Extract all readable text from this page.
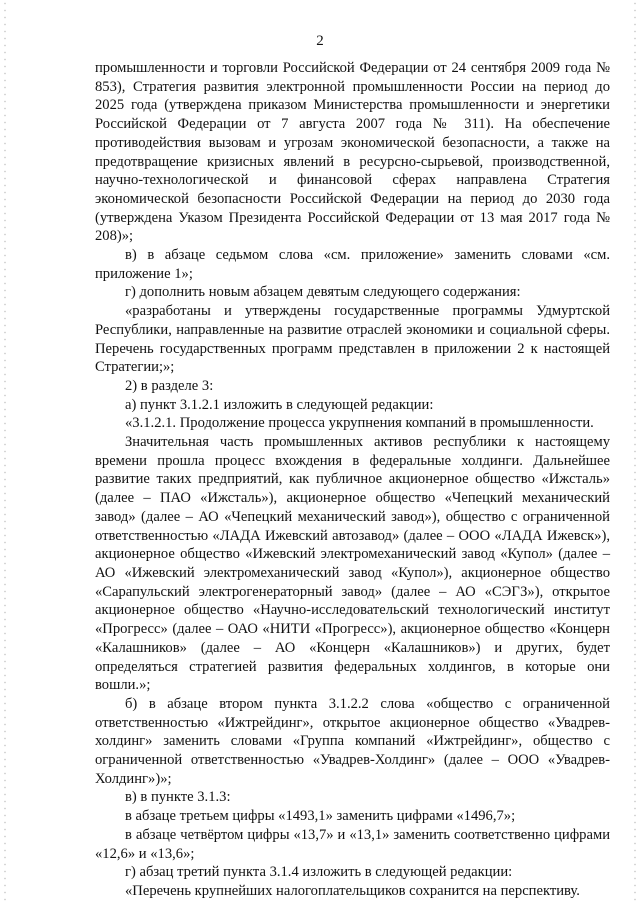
2

промышленности и торговли Российской Федерации от 24 сентября 2009 года № 853), Стратегия развития электронной промышленности России на период до 2025 года (утверждена приказом Министерства промышленности и энергетики Российской Федерации от 7 августа 2007 года № 311). На обеспечение противодействия вызовам и угрозам экономической безопасности, а также на предотвращение кризисных явлений в ресурсно-сырьевой, производственной, научно-технологической и финансовой сферах направлена Стратегия экономической безопасности Российской Федерации на период до 2030 года (утверждена Указом Президента Российской Федерации от 13 мая 2017 года № 208)»;

в) в абзаце седьмом слова «см. приложение» заменить словами «см. приложение 1»;

г) дополнить новым абзацем девятым следующего содержания:

«разработаны и утверждены государственные программы Удмуртской Республики, направленные на развитие отраслей экономики и социальной сферы. Перечень государственных программ представлен в приложении 2 к настоящей Стратегии;»;

2) в разделе 3:

а) пункт 3.1.2.1 изложить в следующей редакции:

«3.1.2.1. Продолжение процесса укрупнения компаний в промышленности.

Значительная часть промышленных активов республики к настоящему времени прошла процесс вхождения в федеральные холдинги. Дальнейшее развитие таких предприятий, как публичное акционерное общество «Ижсталь» (далее – ПАО «Ижсталь»), акционерное общество «Чепецкий механический завод» (далее – АО «Чепецкий механический завод»), общество с ограниченной ответственностью «ЛАДА Ижевский автозавод» (далее – ООО «ЛАДА Ижевск»), акционерное общество «Ижевский электромеханический завод «Купол» (далее – АО «Ижевский электромеханический завод «Купол»), акционерное общество «Сарапульский электрогенераторный завод» (далее – АО «СЭГЗ»), открытое акционерное общество «Научно-исследовательский технологический институт «Прогресс» (далее – ОАО «НИТИ «Прогресс»), акционерное общество «Концерн «Калашников» (далее – АО «Концерн «Калашников») и других, будет определяться стратегией развития федеральных холдингов, в которые они вошли.»;

б) в абзаце втором пункта 3.1.2.2 слова «общество с ограниченной ответственностью «Ижтрейдинг», открытое акционерное общество «Увадрев-холдинг» заменить словами «Группа компаний «Ижтрейдинг», общество с ограниченной ответственностью «Увадрев-Холдинг» (далее – ООО «Увадрев-Холдинг»)»;

в) в пункте 3.1.3:

в абзаце третьем цифры «1493,1» заменить цифрами «1496,7»;

в абзаце четвёртом цифры «13,7» и «13,1» заменить соответственно цифрами «12,6» и «13,6»;

г) абзац третий пункта 3.1.4 изложить в следующей редакции:

«Перечень крупнейших налогоплательщиков сохранится на перспективу.
